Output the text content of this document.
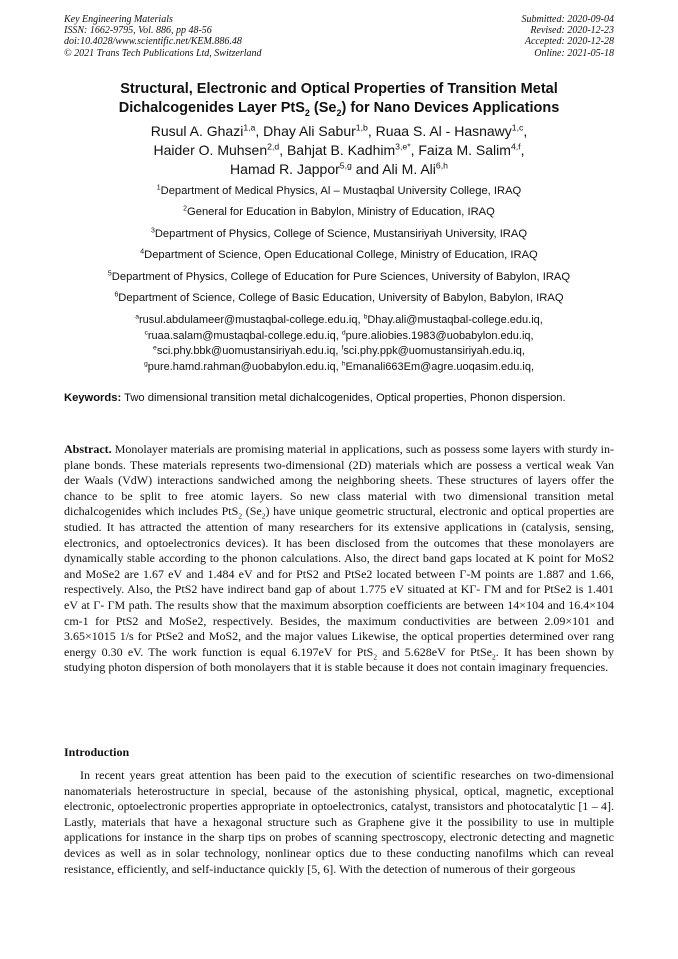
Key Engineering Materials
ISSN: 1662-9795, Vol. 886, pp 48-56
doi:10.4028/www.scientific.net/KEM.886.48
© 2021 Trans Tech Publications Ltd, Switzerland
Submitted: 2020-09-04
Revised: 2020-12-23
Accepted: 2020-12-28
Online: 2021-05-18
Structural, Electronic and Optical Properties of Transition Metal
Dichalcogenides Layer PtS$_2$ $(Se_2)$ for Nano Devices Applications
Rusul A. Ghazi$^{1,a}$, Dhay Ali Sabur$^{1,b}$, Ruaa S. Al - Hasnawy$^{1,c}$,
Haider O. Muhsen$^{2,d}$, Bahjat B. Kadhim$^{3,e*}$, Faiza M. Salim$^{4,f}$,
Hamad R. Jappor$^{5,g}$ and Ali M. Ali$^{6,h}$
$^1$Department of Medical Physics, Al – Mustaqbal University College, IRAQ
$^2$General for Education in Babylon, Ministry of Education, IRAQ
$^3$Department of Physics, College of Science, Mustansiriyah University, IRAQ
$^4$Department of Science, Open Educational College, Ministry of Education, IRAQ
$^5$Department of Physics, College of Education for Pure Sciences, University of Babylon, IRAQ
$^6$Department of Science, College of Basic Education, University of Babylon, Babylon, IRAQ
$^a$rusul.abdulameer@mustaqbal-college.edu.iq, $^b$Dhay.ali@mustaqbal-college.edu.iq,
$^c$ruaa.salam@mustaqbal-college.edu.iq, $^d$pure.aliobies.1983@uobabylon.edu.iq,
$^e$sci.phy.bbk@uomustansiriyah.edu.iq, $^f$sci.phy.ppk@uomustansiriyah.edu.iq,
$^g$pure.hamd.rahman@uobabylon.edu.iq, $^h$Emanali663Em@agre.uoqasim.edu.iq,
Keywords: Two dimensional transition metal dichalcogenides, Optical properties, Phonon dispersion.
Abstract. Monolayer materials are promising material in applications, such as possess some layers with sturdy in-plane bonds. These materials represents two-dimensional (2D) materials which are possess a vertical weak Van der Waals (VdW) interactions sandwiched among the neighboring sheets. These structures of layers offer the chance to be split to free atomic layers. So new class material with two dimensional transition metal dichalcogenides which includes PtS$_2$ $(Se_2)$ have unique geometric structural, electronic and optical properties are studied. It has attracted the attention of many researchers for its extensive applications in (catalysis, sensing, electronics, and optoelectronics devices). It has been disclosed from the outcomes that these monolayers are dynamically stable according to the phonon calculations. Also, the direct band gaps located at K point for MoS2 and MoSe2 are 1.67 eV and 1.484 eV and for PtS2 and PtSe2 located between Γ-M points are 1.887 and 1.66, respectively. Also, the PtS2 have indirect band gap of about 1.775 eV situated at KΓ- ΓM and for PtSe2 is 1.401 eV at Γ- ΓM path. The results show that the maximum absorption coefficients are between 14×104 and 16.4×104 cm-1 for PtS2 and MoSe2, respectively. Besides, the maximum conductivities are between 2.09×101 and 3.65×1015 1/s for PtSe2 and MoS2, and the major values Likewise, the optical properties determined over rang energy 0.30 eV. The work function is equal 6.197eV for PtS$_2$ and 5.628eV for PtSe$_2$. It has been shown by studying photon dispersion of both monolayers that it is stable because it does not contain imaginary frequencies.
Introduction
In recent years great attention has been paid to the execution of scientific researches on two-dimensional nanomaterials heterostructure in special, because of the astonishing physical, optical, magnetic, exceptional electronic, optoelectronic properties appropriate in optoelectronics, catalyst, transistors and photocatalytic [1 – 4]. Lastly, materials that have a hexagonal structure such as Graphene give it the possibility to use in multiple applications for instance in the sharp tips on probes of scanning spectroscopy, electronic detecting and magnetic devices as well as in solar technology, nonlinear optics due to these conducting nanofilms which can reveal resistance, efficiently, and self-inductance quickly [5, 6]. With the detection of numerous of their gorgeous
